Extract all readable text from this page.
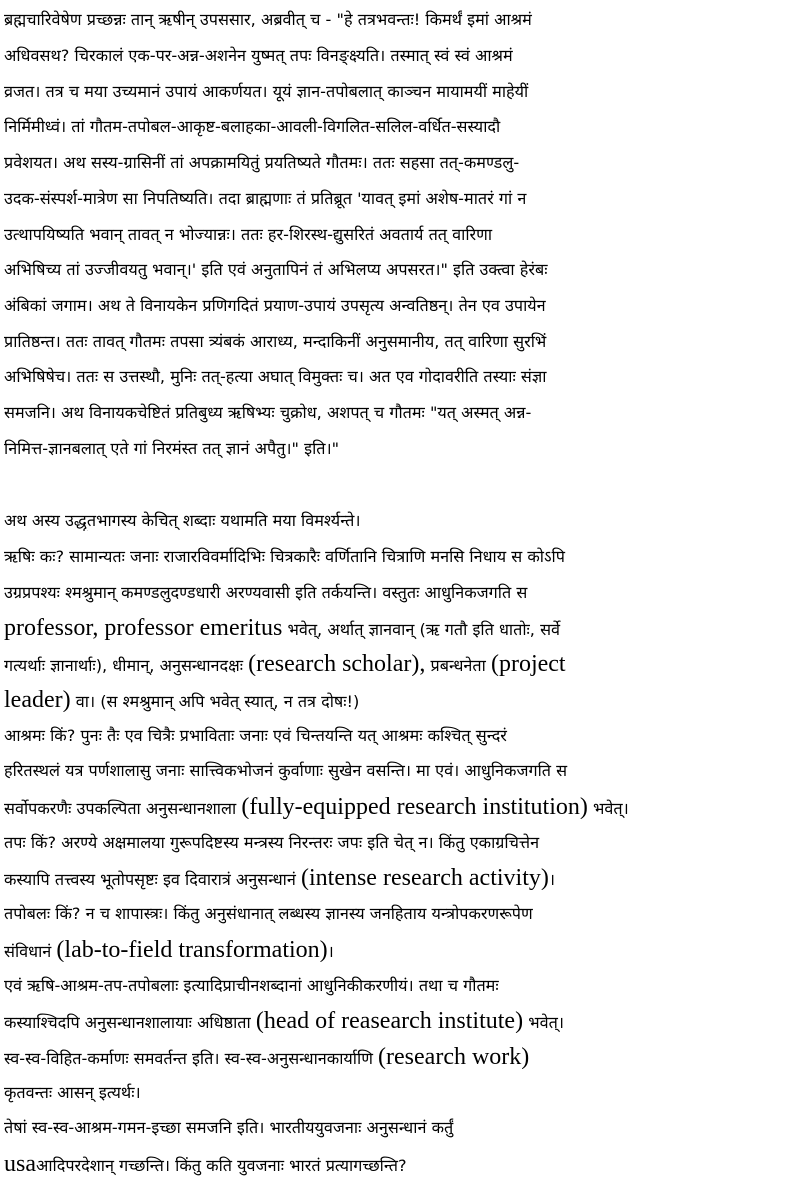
ब्रह्मचारिवेषेण प्रच्छन्नः तान् ऋषीन् उपससार, अब्रवीत् च - "हे तत्रभवन्तः! किमर्थं इमां आश्रमं
अधिवसथ? चिरकालं एक-पर-अन्न-अशनेन युष्मत् तपः विनङ्क्ष्यति। तस्मात् स्वं स्वं आश्रमं
व्रजत। तत्र च मया उच्यमानं उपायं आकर्णयत। यूयं ज्ञान-तपोबलात् काञ्चन मायामयीं माहेयीं
निर्मिमीध्वं। तां गौतम-तपोबल-आकृष्ट-बलाहका-आवली-विगलित-सलिल-वर्धित-सस्यादौ
प्रवेशयत। अथ सस्य-ग्रासिनीं तां अपक्रामयितुं प्रयतिष्यते गौतमः। ततः सहसा तत्-कमण्डलु-
उदक-संस्पर्श-मात्रेण सा निपतिष्यति। तदा ब्राह्मणाः तं प्रतिब्रूत 'यावत् इमां अशेष-मातरं गां न
उत्थापयिष्यति भवान् तावत् न भोज्यान्नः। ततः हर-शिरस्थ-द्युसरितं अवतार्य तत् वारिणा
अभिषिच्य तां उज्जीवयतु भवान्।' इति एवं अनुतापिनं तं अभिलप्य अपसरत।" इति उक्त्वा हेरंबः
अंबिकां जगाम। अथ ते विनायकेन प्रणिगदितं प्रयाण-उपायं उपसृत्य अन्वतिष्ठन्। तेन एव उपायेन
प्रातिष्ठन्त। ततः तावत् गौतमः तपसा त्र्यंबकं आराध्य, मन्दाकिनीं अनुसमानीय, तत् वारिणा सुरभिं
अभिषिषेच। ततः स उत्तस्थौ, मुनिः तत्-हत्या अघात् विमुक्तः च। अत एव गोदावरीति तस्याः संज्ञा
समजनि। अथ विनायकचेष्टितं प्रतिबुध्य ऋषिभ्यः चुक्रोध, अशपत् च गौतमः "यत् अस्मत् अन्न-
निमित्त-ज्ञानबलात् एते गां निरमंस्त तत् ज्ञानं अपैतु।" इति।"
अथ अस्य उद्धृतभागस्य केचित् शब्दाः यथामति मया विमर्श्यन्ते।
ऋषिः कः? सामान्यतः जनाः राजारविवर्मादिभिः चित्रकारैः वर्णितानि चित्राणि मनसि निधाय स कोऽपि
उग्रप्रपश्यः श्मश्रुमान् कमण्डलुदण्डधारी अरण्यवासी इति तर्कयन्ति। वस्तुतः आधुनिकजगति स
professor, professor emeritus भवेत्, अर्थात् ज्ञानवान् (ऋ गतौ इति धातोः, सर्वे
गत्यर्थाः ज्ञानार्थाः), धीमान्, अनुसन्धानदक्षः (research scholar), प्रबन्धनेता (project
leader) वा। (स श्मश्रुमान् अपि भवेत् स्यात्, न तत्र दोषः!)
आश्रमः किं? पुनः तैः एव चित्रैः प्रभाविताः जनाः एवं चिन्तयन्ति यत् आश्रमः कश्चित् सुन्दरं
हरितस्थलं यत्र पर्णशालासु जनाः सात्त्विकभोजनं कुर्वाणाः सुखेन वसन्ति। मा एवं। आधुनिकजगति स
सर्वोपकरणैः उपकल्पिता अनुसन्धानशाला (fully-equipped research institution) भवेत्।
तपः किं? अरण्ये अक्षमालया गुरूपदिष्टस्य मन्त्रस्य निरन्तरः जपः इति चेत् न। किंतु एकाग्रचित्तेन
कस्यापि तत्त्वस्य भूतोपसृष्टः इव दिवारात्रं अनुसन्धानं (intense research activity)।
तपोबलः किं? न च शापास्त्रः। किंतु अनुसंधानात् लब्धस्य ज्ञानस्य जनहिताय यन्त्रोपकरणरूपेण
संविधानं (lab-to-field transformation)।
एवं ऋषि-आश्रम-तप-तपोबलाः इत्यादिप्राचीनशब्दानां आधुनिकीकरणीयं। तथा च गौतमः
कस्याश्चिदपि अनुसन्धानशालायाः अधिष्ठाता (head of reasearch institute) भवेत्।
स्व-स्व-विहित-कर्माणः समवर्तन्त इति। स्व-स्व-अनुसन्धानकार्याणि (research work)
कृतवन्तः आसन् इत्यर्थः।
तेषां स्व-स्व-आश्रम-गमन-इच्छा समजनि इति। भारतीययुवजनाः अनुसन्धानं कर्तुं
usaआदिपरदेशान् गच्छन्ति। किंतु कति युवजनाः भारतं प्रत्यागच्छन्ति?
